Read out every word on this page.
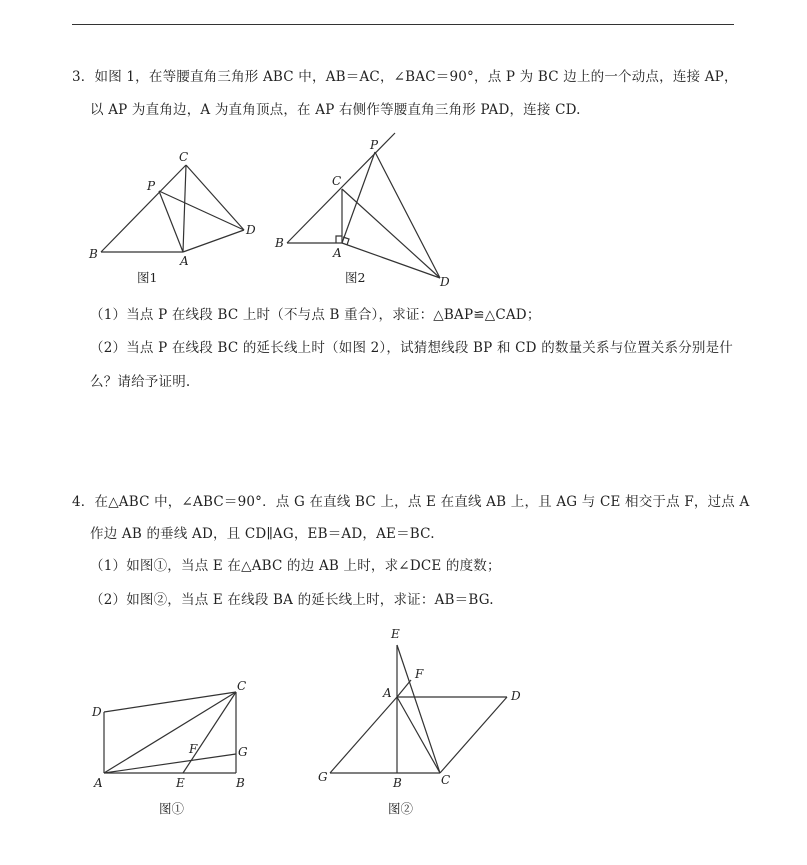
3．如图 1，在等腰直角三角形 ABC 中，AB＝AC，∠BAC＝90°，点 P 为 BC 边上的一个动点，连接 AP，
以 AP 为直角边，A 为直角顶点，在 AP 右侧作等腰直角三角形 PAD，连接 CD.
C
P
D
B	A
图1
P
C
B
A
D
图2
C
D
F	G
A	E	B
图①
E
F
A	D
G	B	C
图②
（1）当点 P 在线段 BC 上时（不与点 B 重合），求证：△BAP≌△CAD；
（2）当点 P 在线段 BC 的延长线上时（如图 2），试猜想线段 BP 和 CD 的数量关系与位置关系分别是什
么？请给予证明.
4．在△ABC 中，∠ABC＝90°．点 G 在直线 BC 上，点 E 在直线 AB 上，且 AG 与 CE 相交于点 F，过点 A
作边 AB 的垂线 AD，且 CD∥AG，EB＝AD，AE＝BC.
（1）如图①，当点 E 在△ABC 的边 AB 上时，求∠DCE 的度数；
（2）如图②，当点 E 在线段 BA 的延长线上时，求证：AB＝BG.
